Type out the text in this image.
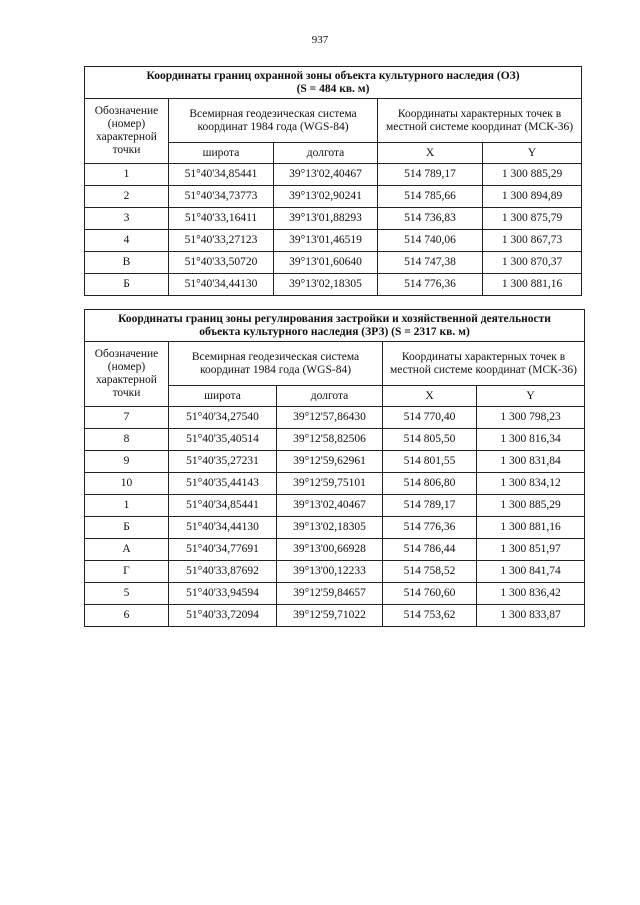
937
Координаты границ охранной зоны объекта культурного наследия (ОЗ)
(S = 484 кв. м)				

Обозначение (номер) характерной точки	Всемирная геодезическая система координат 1984 года (WGS-84)		Координаты характерных точек в местной системе координат (МСК-36)	
	широта	долгота	X	Y
1	51°40'34,85441	39°13'02,40467	514 789,17	1 300 885,29
2	51°40'34,73773	39°13'02,90241	514 785,66	1 300 894,89
3	51°40'33,16411	39°13'01,88293	514 736,83	1 300 875,79
4	51°40'33,27123	39°13'01,46519	514 740,06	1 300 867,73
В	51°40'33,50720	39°13'01,60640	514 747,38	1 300 870,37
Б	51°40'34,44130	39°13'02,18305	514 776,36	1 300 881,16
Координаты границ зоны регулирования застройки и хозяйственной деятельности
объекта культурного наследия (ЗРЗ) (S = 2317 кв. м)				

Обозначение (номер) характерной точки	Всемирная геодезическая система координат 1984 года (WGS-84)		Координаты характерных точек в местной системе координат (МСК-36)	
	широта	долгота	X	Y
7	51°40'34,27540	39°12'57,86430	514 770,40	1 300 798,23
8	51°40'35,40514	39°12'58,82506	514 805,50	1 300 816,34
9	51°40'35,27231	39°12'59,62961	514 801,55	1 300 831,84
10	51°40'35,44143	39°12'59,75101	514 806,80	1 300 834,12
1	51°40'34,85441	39°13'02,40467	514 789,17	1 300 885,29
Б	51°40'34,44130	39°13'02,18305	514 776,36	1 300 881,16
А	51°40'34,77691	39°13'00,66928	514 786,44	1 300 851,97
Г	51°40'33,87692	39°13'00,12233	514 758,52	1 300 841,74
5	51°40'33,94594	39°12'59,84657	514 760,60	1 300 836,42
6	51°40'33,72094	39°12'59,71022	514 753,62	1 300 833,87
